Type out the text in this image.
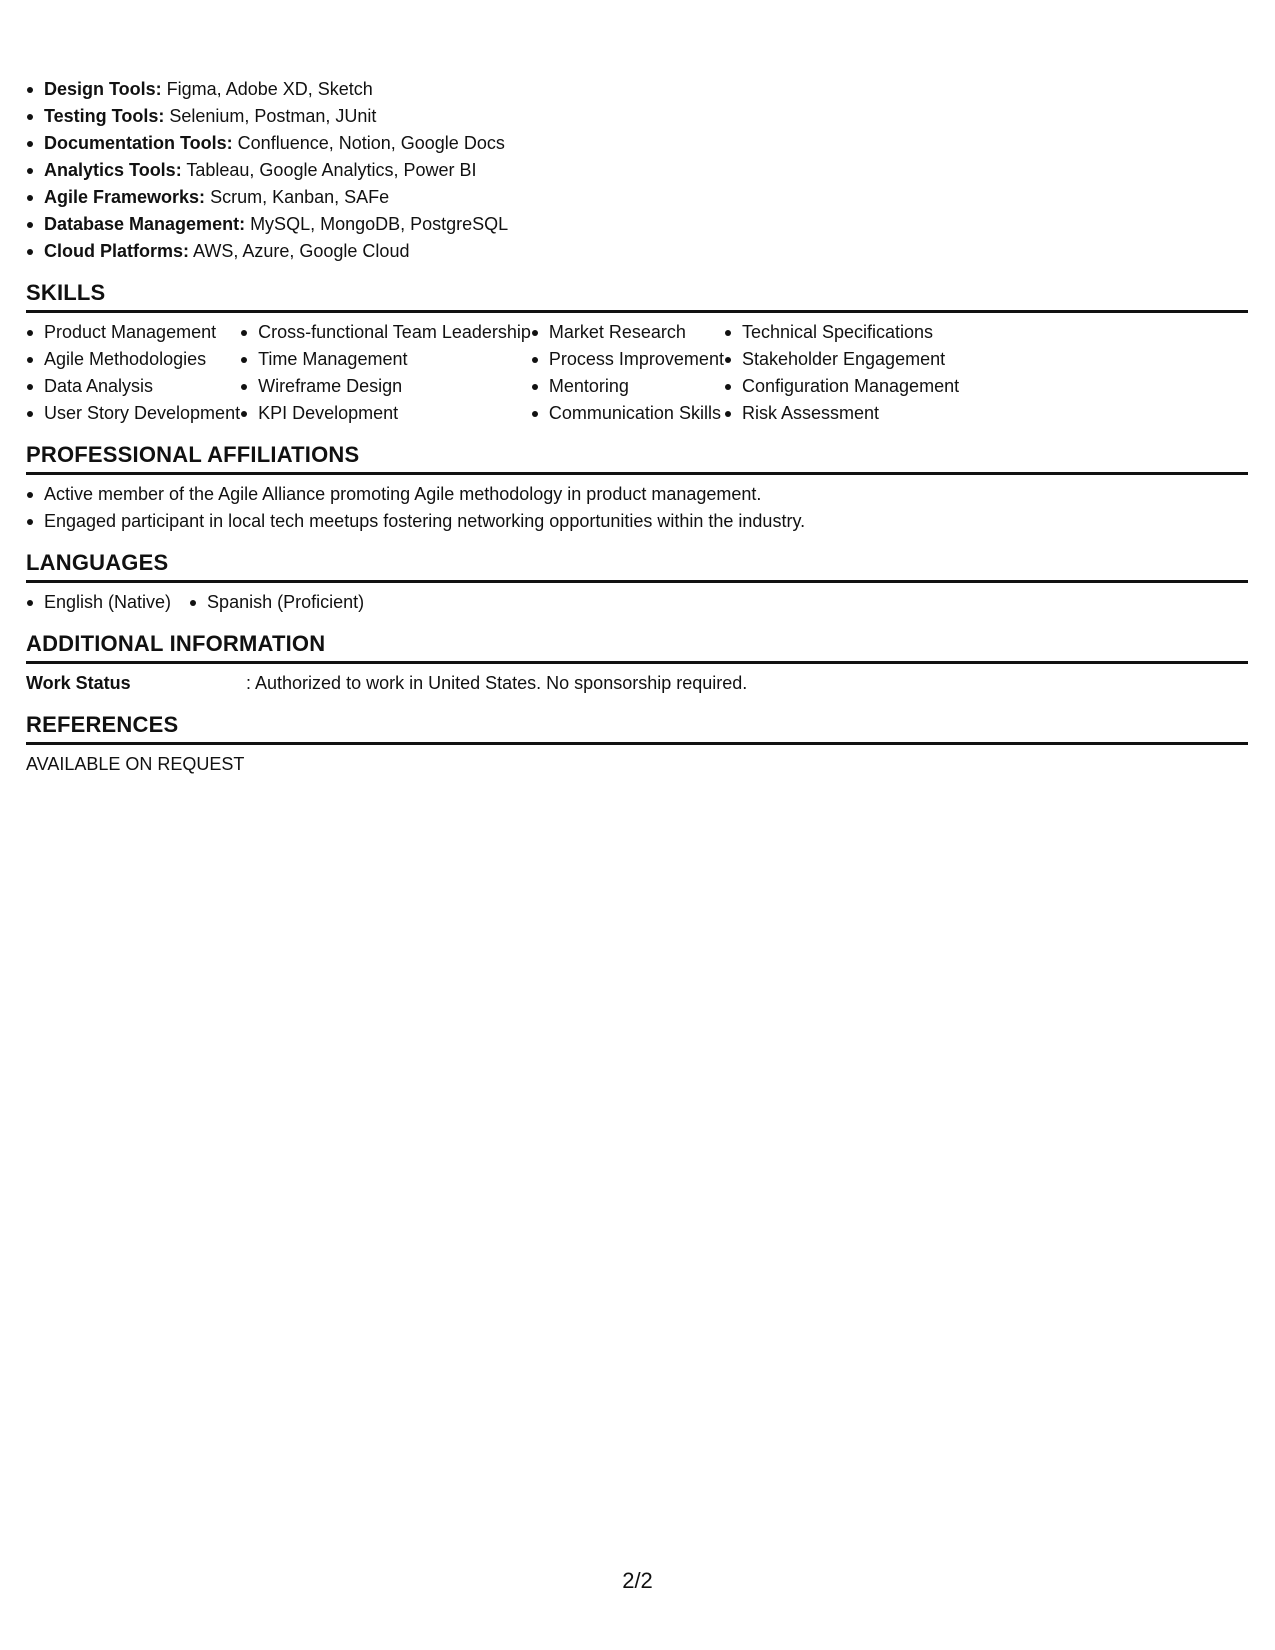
Design Tools: Figma, Adobe XD, Sketch
Testing Tools: Selenium, Postman, JUnit
Documentation Tools: Confluence, Notion, Google Docs
Analytics Tools: Tableau, Google Analytics, Power BI
Agile Frameworks: Scrum, Kanban, SAFe
Database Management: MySQL, MongoDB, PostgreSQL
Cloud Platforms: AWS, Azure, Google Cloud
SKILLS
Product Management
Agile Methodologies
Data Analysis
User Story Development
Cross-functional Team Leadership
Time Management
Wireframe Design
KPI Development
Market Research
Process Improvement
Mentoring
Communication Skills
Technical Specifications
Stakeholder Engagement
Configuration Management
Risk Assessment
PROFESSIONAL AFFILIATIONS
Active member of the Agile Alliance promoting Agile methodology in product management.
Engaged participant in local tech meetups fostering networking opportunities within the industry.
LANGUAGES
English (Native)	Spanish (Proficient)
ADDITIONAL INFORMATION
Work Status	: Authorized to work in United States. No sponsorship required.
REFERENCES
AVAILABLE ON REQUEST
2/2
